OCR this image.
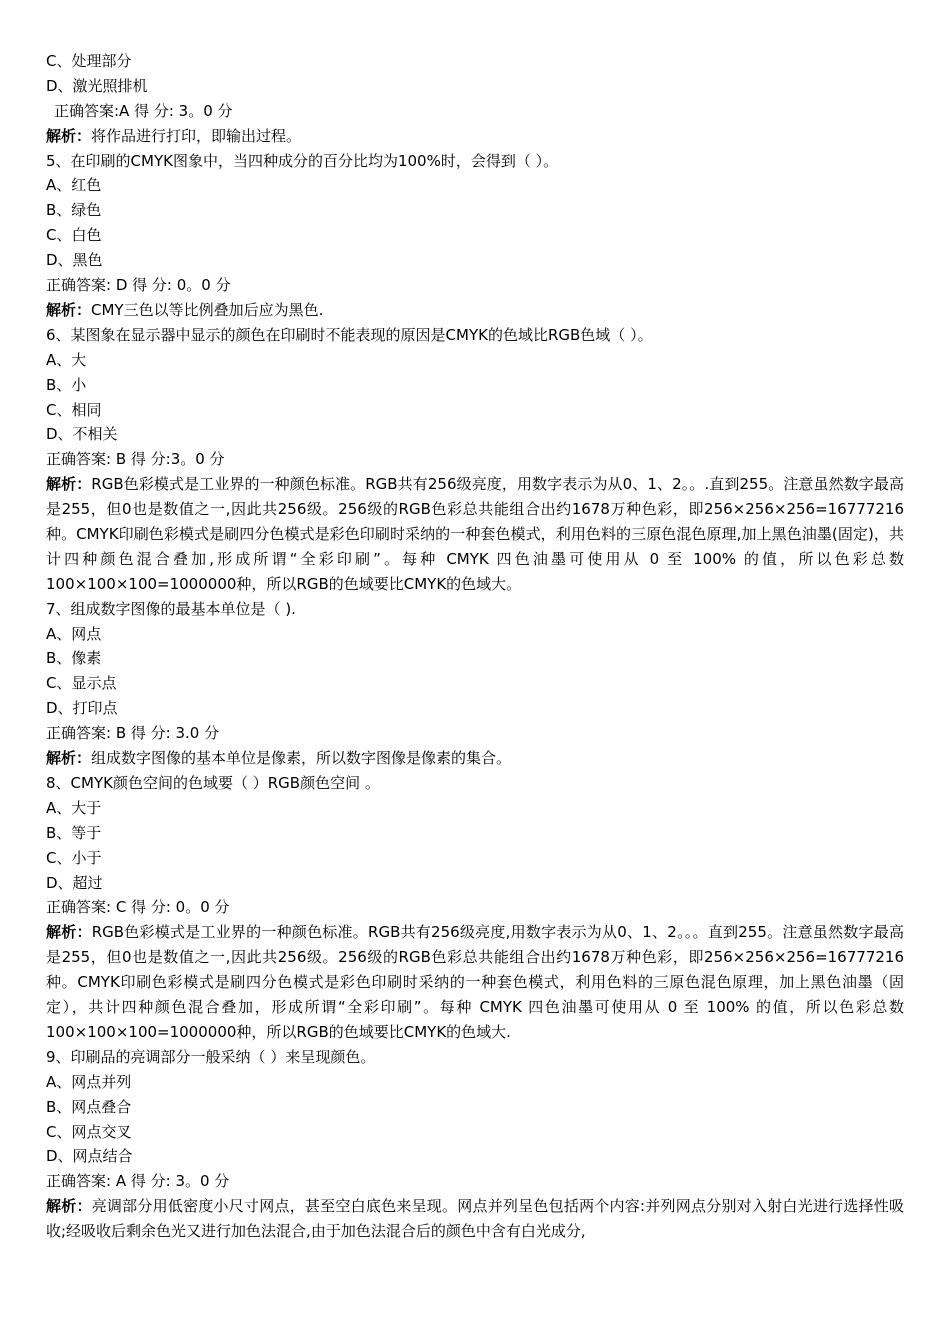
C、处理部分
D、激光照排机
正确答案:A 得 分: 3。0 分
解析：将作品进行打印，即输出过程。
5、在印刷的CMYK图象中，当四种成分的百分比均为100%时，会得到（ ）。
A、红色
B、绿色
C、白色
D、黑色
正确答案: D 得 分: 0。0 分
解析：CMY三色以等比例叠加后应为黑色.
6、某图象在显示器中显示的颜色在印刷时不能表现的原因是CMYK的色域比RGB色域（ ）。
A、大
B、小
C、相同
D、不相关
正确答案: B 得 分:3。0 分
解析：RGB色彩模式是工业界的一种颜色标准。RGB共有256级亮度，用数字表示为从0、1、2。。.直到255。注意虽然数字最高是255，但0也是数值之一,因此共256级。256级的RGB色彩总共能组合出约1678万种色彩，即256×256×256=16777216种。CMYK印刷色彩模式是刷四分色模式是彩色印刷时采纳的一种套色模式，利用色料的三原色混色原理,加上黑色油墨(固定)，共计四种颜色混合叠加,形成所谓“全彩印刷”。每种 CMYK 四色油墨可使用从 0 至 100% 的值，所以色彩总数100×100×100=1000000种，所以RGB的色域要比CMYK的色域大。
7、组成数字图像的最基本单位是（ ).
A、网点
B、像素
C、显示点
D、打印点
正确答案: B 得 分: 3.0 分
解析：组成数字图像的基本单位是像素，所以数字图像是像素的集合。
8、CMYK颜色空间的色域要（ ）RGB颜色空间 。
A、大于
B、等于
C、小于
D、超过
正确答案: C 得 分: 0。0 分
解析：RGB色彩模式是工业界的一种颜色标准。RGB共有256级亮度,用数字表示为从0、1、2。。。直到255。注意虽然数字最高是255，但0也是数值之一,因此共256级。256级的RGB色彩总共能组合出约1678万种色彩，即256×256×256=16777216种。CMYK印刷色彩模式是刷四分色模式是彩色印刷时采纳的一种套色模式，利用色料的三原色混色原理，加上黑色油墨（固定），共计四种颜色混合叠加，形成所谓“全彩印刷”。每种 CMYK 四色油墨可使用从 0 至 100% 的值，所以色彩总数100×100×100=1000000种，所以RGB的色域要比CMYK的色域大.
9、印刷品的亮调部分一般采纳（ ）来呈现颜色。
A、网点并列
B、网点叠合
C、网点交叉
D、网点结合
正确答案: A 得 分: 3。0 分
解析：亮调部分用低密度小尺寸网点，甚至空白底色来呈现。网点并列呈色包括两个内容:并列网点分别对入射白光进行选择性吸收;经吸收后剩余色光又进行加色法混合,由于加色法混合后的颜色中含有白光成分,
